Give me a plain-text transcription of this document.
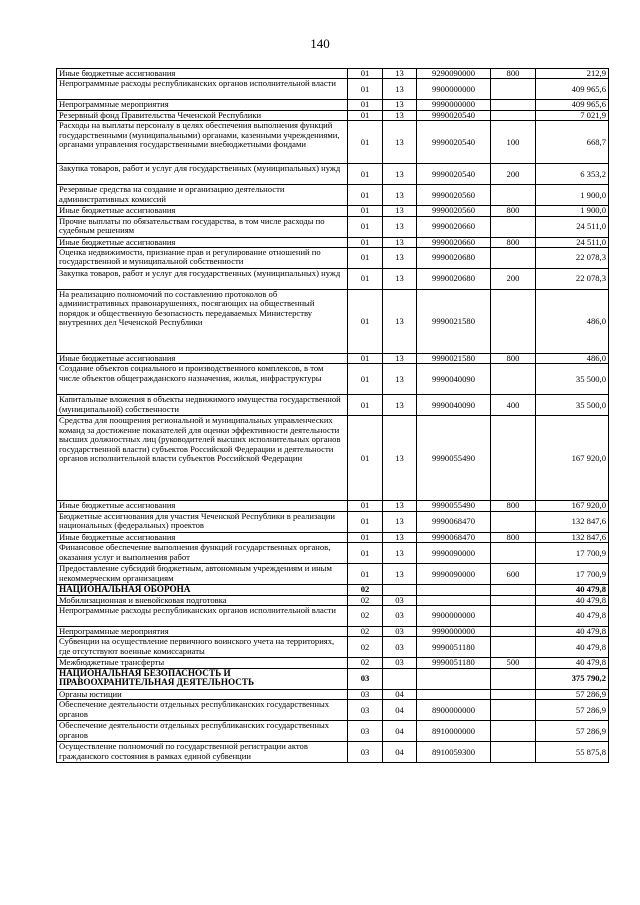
140
Иные бюджетные ассигнования	01	13	9290090000	800	212,9
Непрограммные расходы республиканских органов исполнительной власти	01	13	9900000000		409 965,6
Непрограммные мероприятия	01	13	9990000000		409 965,6
Резервный фонд Правительства Чеченской Республики	01	13	9990020540		7 021,9
Расходы на выплаты персоналу в целях обеспечения выполнения функций государственными (муниципальными) органами, казенными учреждениями, органами управления государственными внебюджетными фондами	01	13	9990020540	100	668,7
Закупка товаров, работ и услуг для государственных (муниципальных) нужд	01	13	9990020540	200	6 353,2
Резервные средства на создание и организацию деятельности административных комиссий	01	13	9990020560		1 900,0
Иные бюджетные ассигнования	01	13	9990020560	800	1 900,0
Прочие выплаты по обязательствам государства, в том числе расходы по судебным решениям	01	13	9990020660		24 511,0
Иные бюджетные ассигнования	01	13	9990020660	800	24 511,0
Оценка недвижимости, признание прав и регулирование отношений по государственной и муниципальной собственности	01	13	9990020680		22 078,3
Закупка товаров, работ и услуг для государственных (муниципальных) нужд	01	13	9990020680	200	22 078,3
На реализацию полномочий по составлению протоколов об административных правонарушениях, посягающих на общественный порядок и общественную безопасность передаваемых Министерству внутренних дел Чеченской Республики	01	13	9990021580		486,0
Иные бюджетные ассигнования	01	13	9990021580	800	486,0
Создание объектов социального и производственного комплексов, в том числе объектов общегражданского назначения, жилья, инфраструктуры	01	13	9990040090		35 500,0
Капитальные вложения в объекты недвижимого имущества государственной (муниципальной) собственности	01	13	9990040090	400	35 500,0
Средства для поощрения региональной и муниципальных управленческих команд за достижение показателей для оценки эффективности деятельности высших должностных лиц (руководителей высших исполнительных органов государственной власти) субъектов Российской Федерации и деятельности органов исполнительной власти субъектов Российской Федерации	01	13	9990055490		167 920,0
Иные бюджетные ассигнования	01	13	9990055490	800	167 920,0
Бюджетные ассигнования для участия Чеченской Республики в реализации национальных (федеральных) проектов	01	13	9990068470		132 847,6
Иные бюджетные ассигнования	01	13	9990068470	800	132 847,6
Финансовое обеспечение выполнения функций государственных органов, оказания услуг и выполнения работ	01	13	9990090000		17 700,9
Предоставление субсидий бюджетным, автономным учреждениям и иным некоммерческим организациям	01	13	9990090000	600	17 700,9
НАЦИОНАЛЬНАЯ ОБОРОНА	02				40 479,8
Мобилизационная и вневойсковая подготовка	02	03			40 479,8
Непрограммные расходы республиканских органов исполнительной власти	02	03	9900000000		40 479,8
Непрограммные мероприятия	02	03	9990000000		40 479,8
Субвенции на осуществление первичного воинского учета на территориях, где отсутствуют военные комиссариаты	02	03	9990051180		40 479,8
Межбюджетные трансферты	02	03	9990051180	500	40 479,8
НАЦИОНАЛЬНАЯ БЕЗОПАСНОСТЬ И ПРАВООХРАНИТЕЛЬНАЯ ДЕЯТЕЛЬНОСТЬ	03				375 790,2
Органы юстиции	03	04			57 286,9
Обеспечение деятельности отдельных республиканских государственных органов	03	04	8900000000		57 286,9
Обеспечение деятельности отдельных республиканских государственных органов	03	04	8910000000		57 286,9
Осуществление полномочий по государственной регистрации актов гражданского состояния в рамках единой субвенции	03	04	8910059300		55 875,8
